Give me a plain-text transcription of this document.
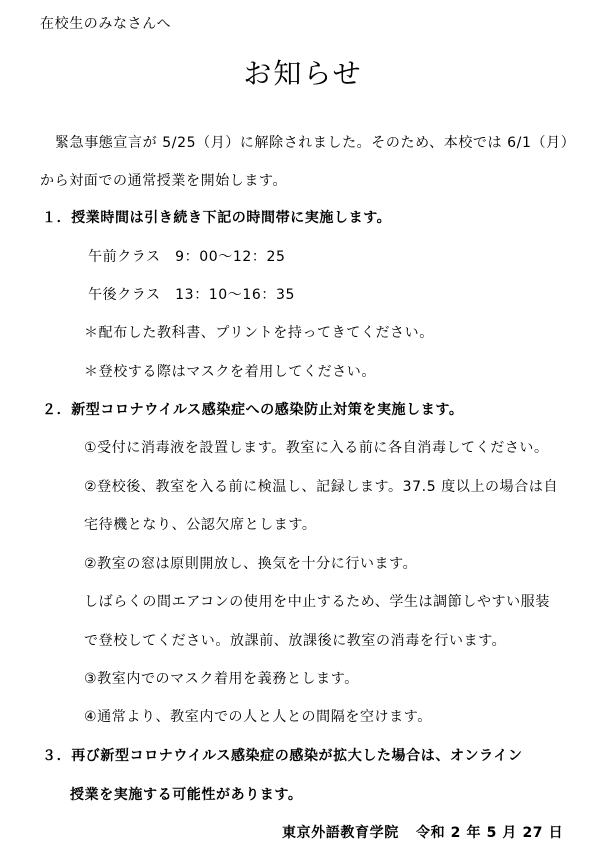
在校生のみなさんへ
お知らせ
緊急事態宣言が 5/25（月）に解除されました。そのため、本校では 6/1（月）
から対面での通常授業を開始します。
１．授業時間は引き続き下記の時間帯に実施します。
午前クラス　9：00～12：25
午後クラス　13：10～16：35
＊配布した教科書、プリントを持ってきてください。
＊登校する際はマスクを着用してください。
２．新型コロナウイルス感染症への感染防止対策を実施します。
①受付に消毒液を設置します。教室に入る前に各自消毒してください。
②登校後、教室を入る前に検温し、記録します。37.5 度以上の場合は自
宅待機となり、公認欠席とします。
②教室の窓は原則開放し、換気を十分に行います。
しばらくの間エアコンの使用を中止するため、学生は調節しやすい服装
で登校してください。放課前、放課後に教室の消毒を行います。
③教室内でのマスク着用を義務とします。
④通常より、教室内での人と人との間隔を空けます。
３．再び新型コロナウイルス感染症の感染が拡大した場合は、オンライン
授業を実施する可能性があります。
東京外語教育学院 令和 2 年 5 月 27 日
